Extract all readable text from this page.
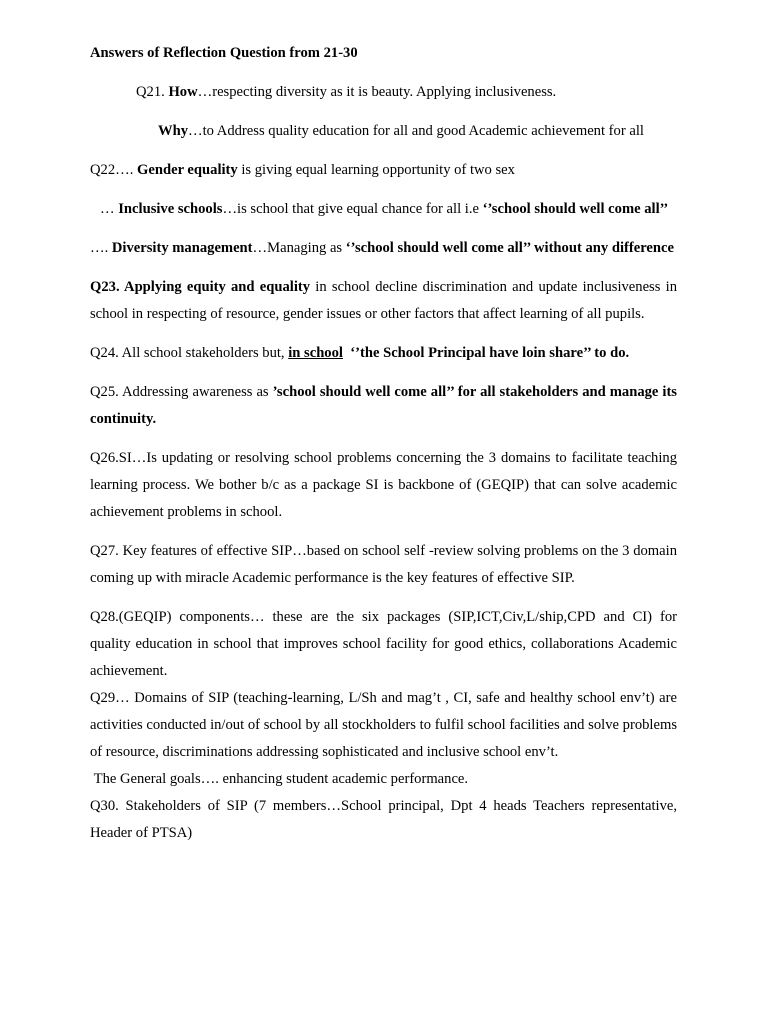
Answers of Reflection Question from 21-30

Q21. How…respecting diversity as it is beauty. Applying inclusiveness.

Why…to Address quality education for all and good Academic achievement for all

Q22…. Gender equality is giving equal learning opportunity of two sex

… Inclusive schools…is school that give equal chance for all i.e ‘’school should well come all’’

…. Diversity management…Managing as ‘’school should well come all’’ without any difference

Q23. Applying equity and equality in school decline discrimination and update inclusiveness in school in respecting of resource, gender issues or other factors that affect learning of all pupils.

Q24. All school stakeholders but, in school  ‘’the School Principal have loin share’’ to do.

Q25. Addressing awareness as ’school should well come all’’ for all stakeholders and manage its continuity.

Q26.SI…Is updating or resolving school problems concerning the 3 domains to facilitate teaching learning process. We bother b/c as a package SI is backbone of (GEQIP) that can solve academic achievement problems in school.

Q27. Key features of effective SIP…based on school self -review solving problems on the 3 domain coming up with miracle Academic performance is the key features of effective SIP.

Q28.(GEQIP) components… these are the six packages (SIP,ICT,Civ,L/ship,CPD and CI) for quality education in school that improves school facility for good ethics, collaborations Academic achievement.

Q29… Domains of SIP (teaching-learning, L/Sh and mag’t , CI, safe and healthy school env’t) are activities conducted in/out of school by all stockholders to fulfil school facilities and solve problems of resource, discriminations addressing sophisticated and inclusive school env’t.

The General goals…. enhancing student academic performance.

Q30. Stakeholders of SIP (7 members…School principal, Dpt 4 heads Teachers representative, Header of PTSA)
